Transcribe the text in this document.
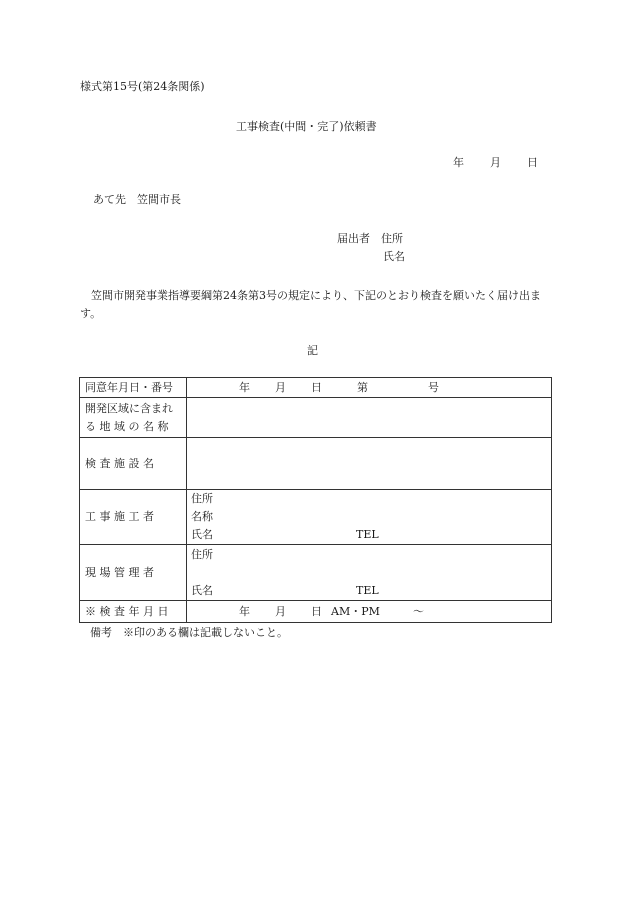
様式第15号(第24条関係)
工事検査(中間・完了)依頼書
年 月 日
あて先　笠間市長
届出者　住所
氏名
笠間市開発事業指導要綱第24条第3号の規定により、下記のとおり検査を願いたく届け出ます。
記
同意年月日・番号	年 月 日 第 号

開発区域に含まれ
る 地 域 の 名 称	

検 査 施 設 名	
工 事 施 工 者	住所
名称
氏名 TEL

現 場 管 理 者	住所
氏名 TEL

※ 検 査 年 月 日	年 月 日 AM・PM ～
備考　※印のある欄は記載しないこと。
